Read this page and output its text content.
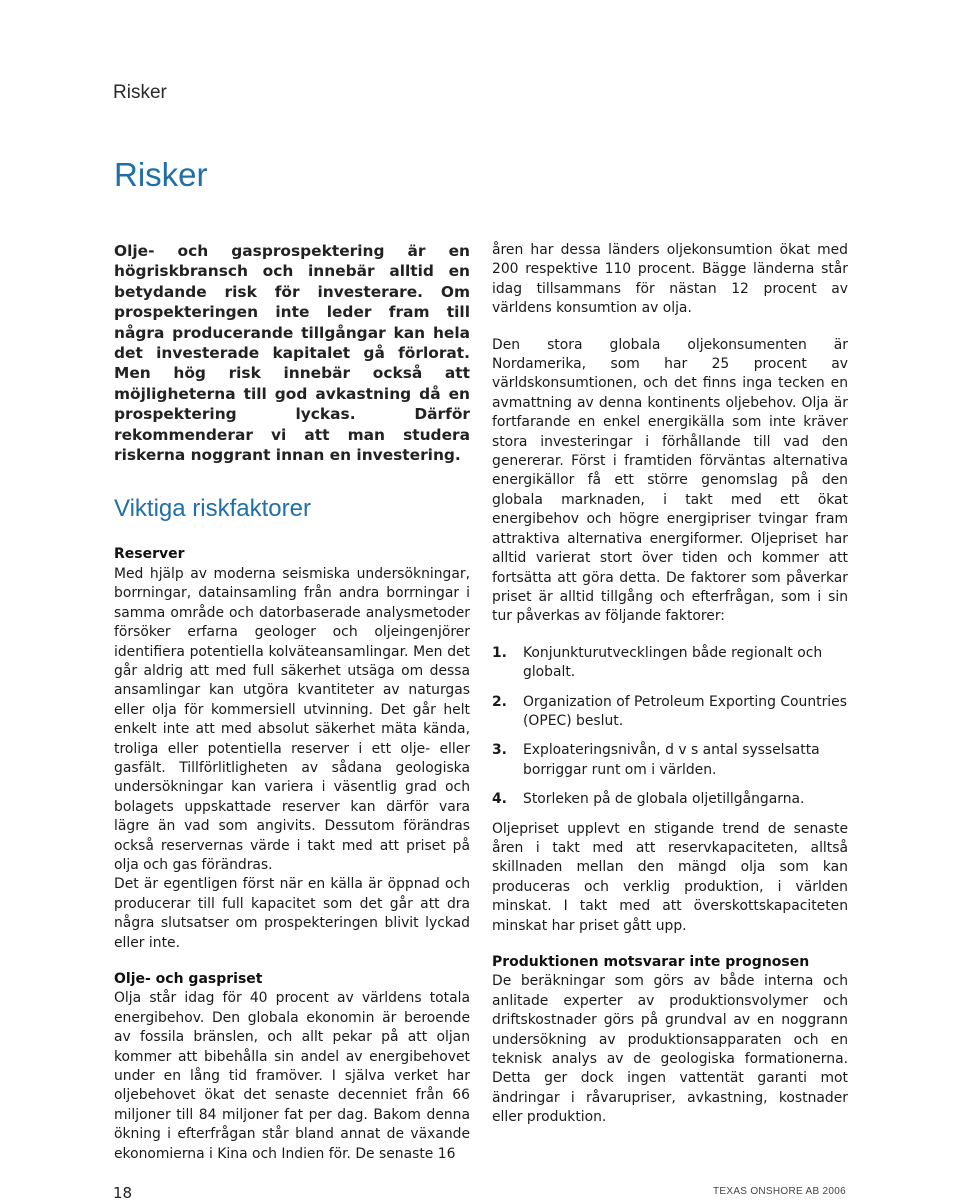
Risker
Risker

Olje- och gasprospektering är en högriskbransch och innebär alltid en betydande risk för investerare. Om prospekteringen inte leder fram till några producerande tillgångar kan hela det investerade kapitalet gå förlorat. Men hög risk innebär också att möjligheterna till god avkastning då en prospektering lyckas. Därför rekommenderar vi att man studera riskerna noggrant innan en investering.

Viktiga riskfaktorer
Reserver

Med hjälp av moderna seismiska undersökningar, borrningar, datainsamling från andra borrningar i samma område och datorbaserade analysmetoder försöker erfarna geologer och oljeingenjörer identifiera potentiella kolväteansamlingar. Men det går aldrig att med full säkerhet utsäga om dessa ansamlingar kan utgöra kvantiteter av naturgas eller olja för kommersiell utvinning. Det går helt enkelt inte att med absolut säkerhet mäta kända, troliga eller potentiella reserver i ett olje- eller gasfält. Tillförlitligheten av sådana geologiska undersökningar kan variera i väsentlig grad och bolagets uppskattade reserver kan därför vara lägre än vad som angivits. Dessutom förändras också reservernas värde i takt med att priset på olja och gas förändras.

Det är egentligen först när en källa är öppnad och producerar till full kapacitet som det går att dra några slutsatser om prospekteringen blivit lyckad eller inte.

Olje- och gaspriset

Olja står idag för 40 procent av världens totala energibehov. Den globala ekonomin är beroende av fossila bränslen, och allt pekar på att oljan kommer att bibehålla sin andel av energibehovet under en lång tid framöver. I själva verket har oljebehovet ökat det senaste decenniet från 66 miljoner till 84 miljoner fat per dag. Bakom denna ökning i efterfrågan står bland annat de växande ekonomierna i Kina och Indien för. De senaste 16

åren har dessa länders oljekonsumtion ökat med 200 respektive 110 procent. Bägge länderna står idag tillsammans för nästan 12 procent av världens konsumtion av olja.

Den stora globala oljekonsumenten är Nordamerika, som har 25 procent av världskonsumtionen, och det finns inga tecken en avmattning av denna kontinents oljebehov. Olja är fortfarande en enkel energikälla som inte kräver stora investeringar i förhållande till vad den genererar. Först i framtiden förväntas alternativa energikällor få ett större genomslag på den globala marknaden, i takt med ett ökat energibehov och högre energipriser tvingar fram attraktiva alternativa energiformer. Oljepriset har alltid varierat stort över tiden och kommer att fortsätta att göra detta. De faktorer som påverkar priset är alltid tillgång och efterfrågan, som i sin tur påverkas av följande faktorer:

1.	Konjunkturutvecklingen både regionalt och globalt.
2.	Organization of Petroleum Exporting Countries (OPEC) beslut.
3.	Exploateringsnivån, d v s antal sysselsatta borriggar runt om i världen.
4.	Storleken på de globala oljetillgångarna.

Oljepriset upplevt en stigande trend de senaste åren i takt med att reservkapaciteten, alltså skillnaden mellan den mängd olja som kan produceras och verklig produktion, i världen minskat. I takt med att överskottskapaciteten minskat har priset gått upp.

Produktionen motsvarar inte prognosen

De beräkningar som görs av både interna och anlitade experter av produktionsvolymer och driftskostnader görs på grundval av en noggrann undersökning av produktionsapparaten och en teknisk analys av de geologiska formationerna. Detta ger dock ingen vattentät garanti mot ändringar i råvarupriser, avkastning, kostnader eller produktion.

18	TEXAS ONSHORE AB 2006
